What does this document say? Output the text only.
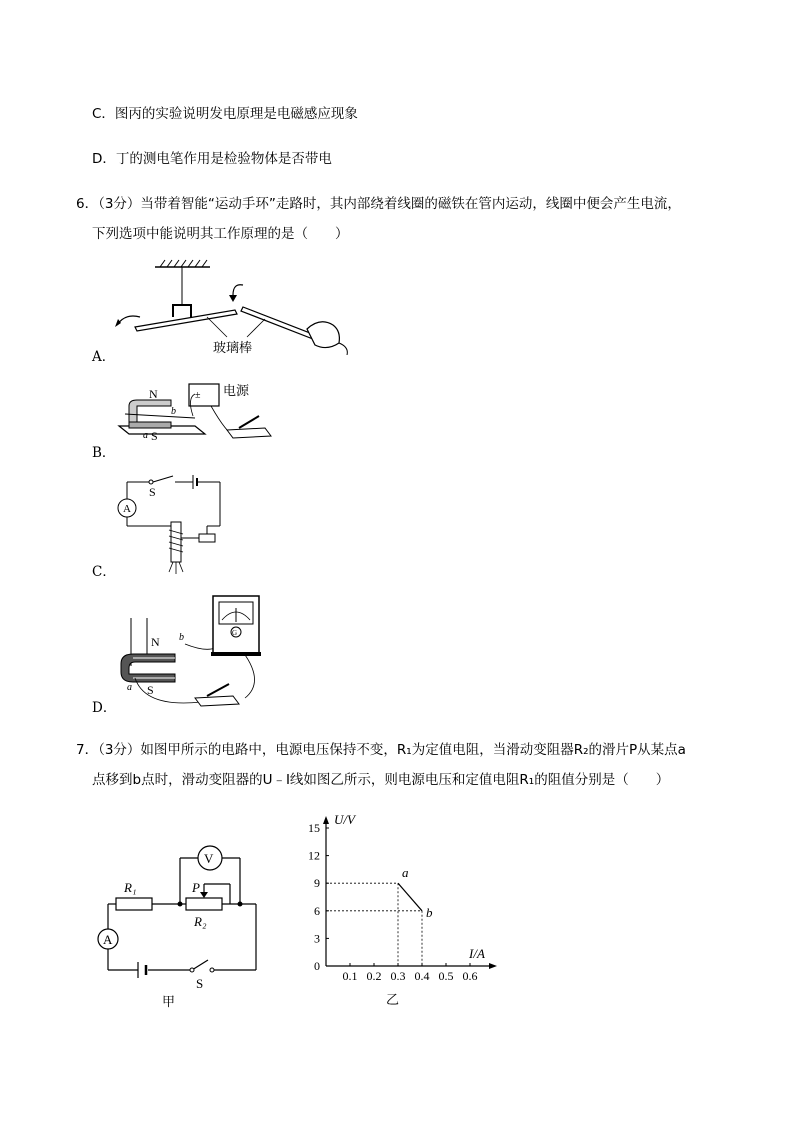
C．图丙的实验说明发电原理是电磁感应现象
D．丁的测电笔作用是检验物体是否带电
6．（3分）当带着智能“运动手环”走路时，其内部绕着线圈的磁铁在管内运动，线圈中便会产生电流，
下列选项中能说明其工作原理的是（　　）
A．
玻璃棒
B．
± 电源
N
S
a
b
C．
S
A
D．
N b
S
a
G
7．（3分）如图甲所示的电路中，电源电压保持不变，R₁为定值电阻，当滑动变阻器R₂的滑片P从某点a
点移到b点时，滑动变阻器的U﹣I线如图乙所示，则电源电压和定值电阻R₁的阻值分别是（　　）
V
A
R₁	P
R₂
S
甲
U/V
I/A
0.1 0.2 0.3 0.4 0.5 0.6
0
3
6
9
12
15
a
b
乙
